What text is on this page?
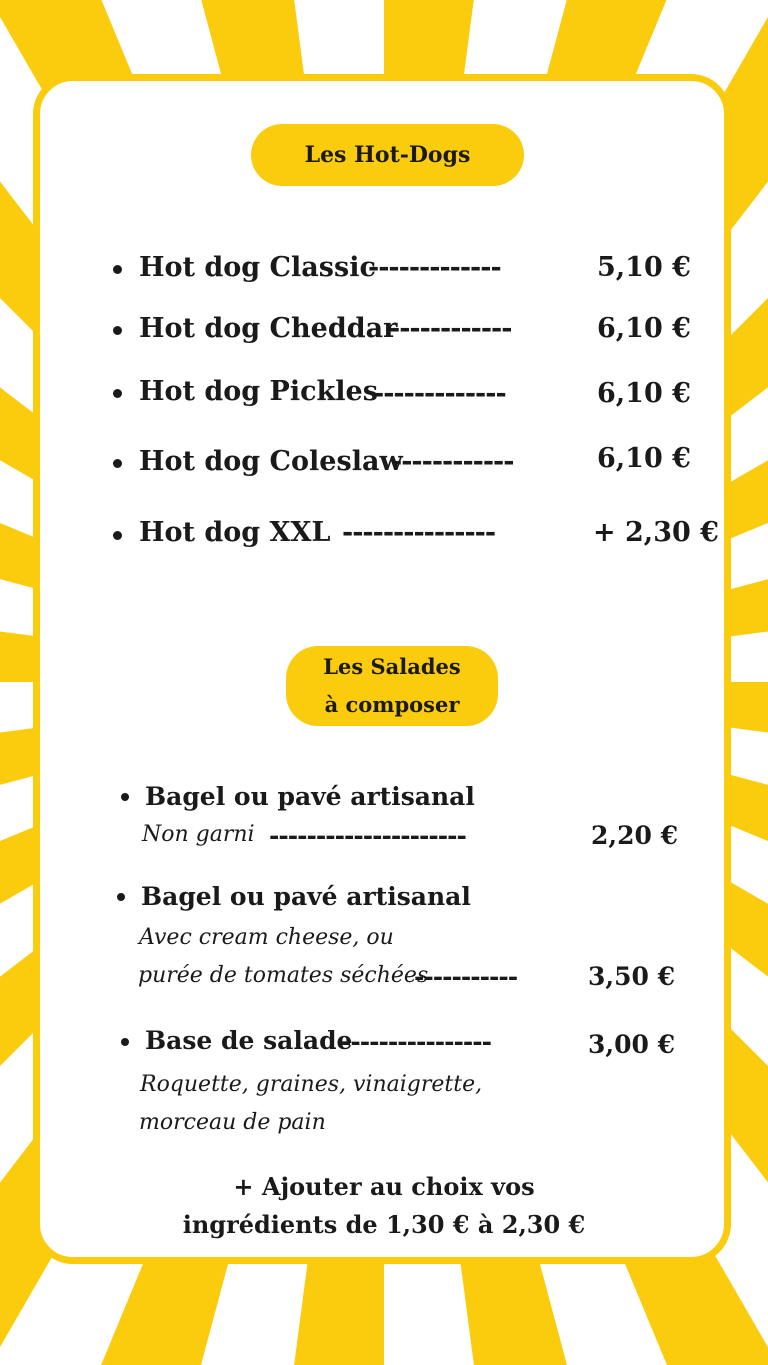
Les Hot-Dogs
Hot dog Classic
-------------	5,10 €
Hot dog Cheddar
------------	6,10 €
Hot dog Pickles
-------------	6,10 €
Hot dog Coleslaw
------------	6,10 €
Hot dog XXL ---------------	+ 2,30 €
Les Salades
à composer
Bagel ou pavé artisanal
Non garni ---------------------	2,20 €
Bagel ou pavé artisanal
Avec cream cheese, ou
purée de tomates séchées
-----------	3,50 €
Base de salade
----------------	3,00 €
Roquette, graines, vinaigrette,
morceau de pain
+ Ajouter au choix vos
ingrédients de 1,30 € à 2,30 €
